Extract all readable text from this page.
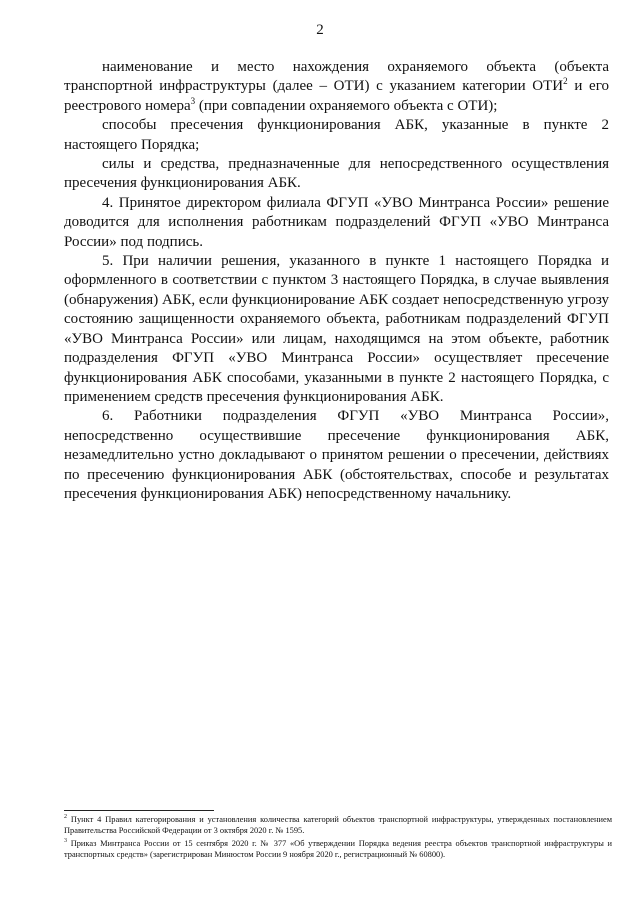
2

наименование и место нахождения охраняемого объекта (объекта транспортной инфраструктуры (далее – ОТИ) с указанием категории ОТИ$^2$ и его реестрового номера$^3$ (при совпадении охраняемого объекта с ОТИ);

способы пресечения функционирования АБК, указанные в пункте 2 настоящего Порядка;

силы и средства, предназначенные для непосредственного осуществления пресечения функционирования АБК.

4. Принятое директором филиала ФГУП «УВО Минтранса России» решение доводится для исполнения работникам подразделений ФГУП «УВО Минтранса России» под подпись.

5. При наличии решения, указанного в пункте 1 настоящего Порядка и оформленного в соответствии с пунктом 3 настоящего Порядка, в случае выявления (обнаружения) АБК, если функционирование АБК создает непосредственную угрозу состоянию защищенности охраняемого объекта, работникам подразделений ФГУП «УВО Минтранса России» или лицам, находящимся на этом объекте, работник подразделения ФГУП «УВО Минтранса России» осуществляет пресечение функционирования АБК способами, указанными в пункте 2 настоящего Порядка, с применением средств пресечения функционирования АБК.

6. Работники подразделения ФГУП «УВО Минтранса России», непосредственно осуществившие пресечение функционирования АБК, незамедлительно устно докладывают о принятом решении о пресечении, действиях по пресечению функционирования АБК (обстоятельствах, способе и результатах пресечения функционирования АБК) непосредственному начальнику.

$^2$ Пункт 4 Правил категорирования и установления количества категорий объектов транспортной инфраструктуры, утвержденных постановлением Правительства Российской Федерации от 3 октября 2020 г. № 1595.

$^3$ Приказ Минтранса России от 15 сентября 2020 г. № 377 «Об утверждении Порядка ведения реестра объектов транспортной инфраструктуры и транспортных средств» (зарегистрирован Минюстом России 9 ноября 2020 г., регистрационный № 60800).
